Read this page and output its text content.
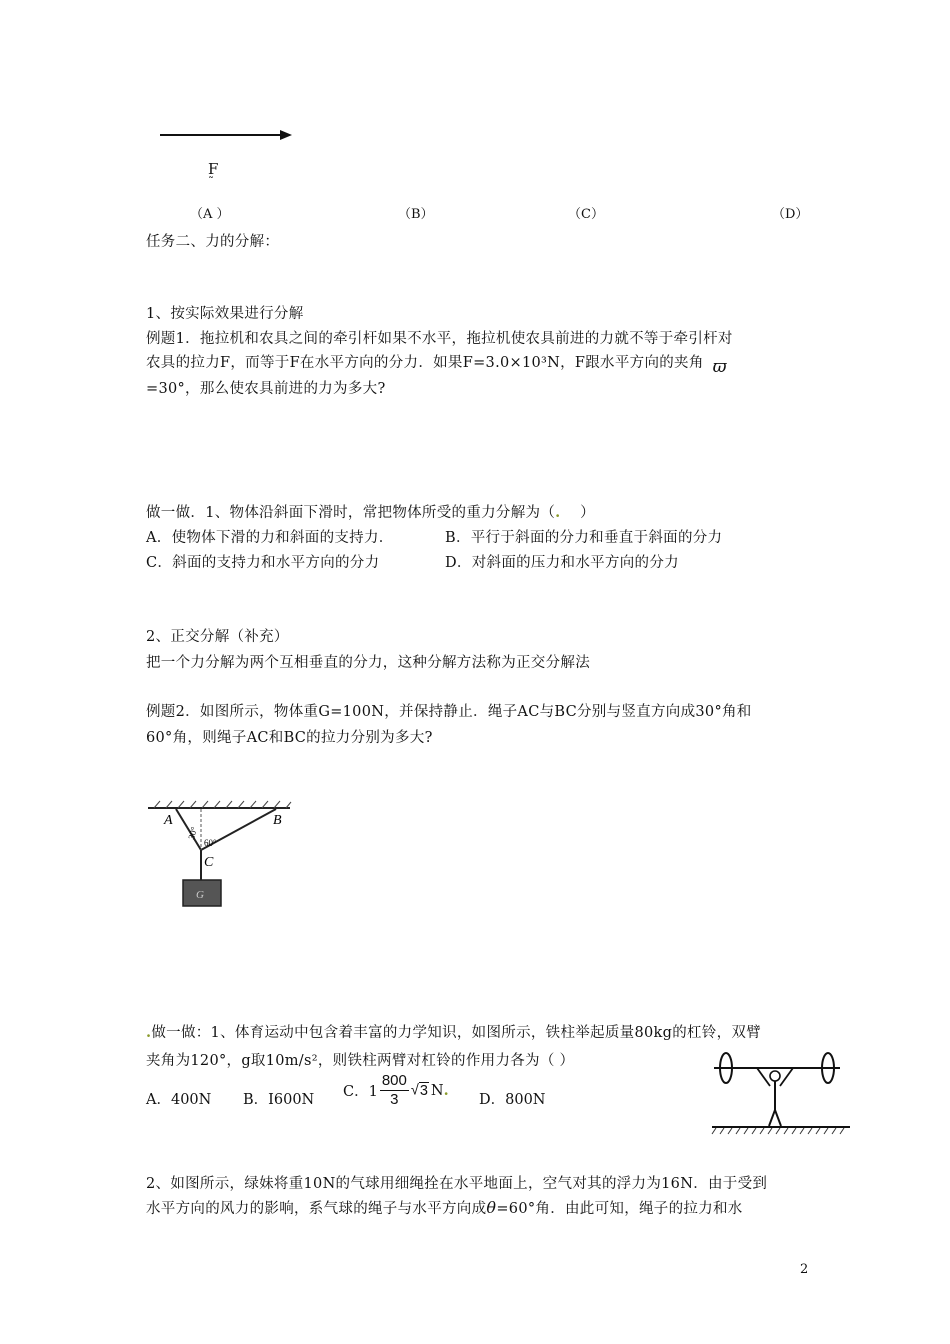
F
˜
（A ）	（B）	（C）	（D）
任务二、力的分解：
1、按实际效果进行分解
例题1．拖拉机和农具之间的牵引杆如果不水平，拖拉机使农具前进的力就不等于牵引杆对
农具的拉力F，而等于F在水平方向的分力．如果F=3.0×10³N，F跟水平方向的夹角 ϖ
=30°，那么使农具前进的力为多大?
做一做．1、物体沿斜面下滑时，常把物体所受的重力分解为（.    ）
A．使物体下滑的力和斜面的支持力．	B．平行于斜面的分力和垂直于斜面的分力
C．斜面的支持力和水平方向的分力	D．对斜面的压力和水平方向的分力
2、正交分解（补充）
把一个力分解为两个互相垂直的分力，这种分解方法称为正交分解法
例题2．如图所示，物体重G=100N，并保持静止．绳子AC与BC分别与竖直方向成30°角和
60°角，则绳子AC和BC的拉力分别为多大?
A	B
C
30°
60°
G
.做一做：1、体育运动中包含着丰富的力学知识，如图所示，铁柱举起质量80kg的杠铃，双臂
夹角为120°，g取10m/s²，则铁柱两臂对杠铃的作用力各为（ ）
A．400N B．I600N C．$1 \frac{800}{3} √3$ N.
D．800N
2、如图所示，绿妹将重10N的气球用细绳拴在水平地面上，空气对其的浮力为16N．由于受到
水平方向的风力的影响，系气球的绳子与水平方向成θ=60°角．由此可知，绳子的拉力和水
2
